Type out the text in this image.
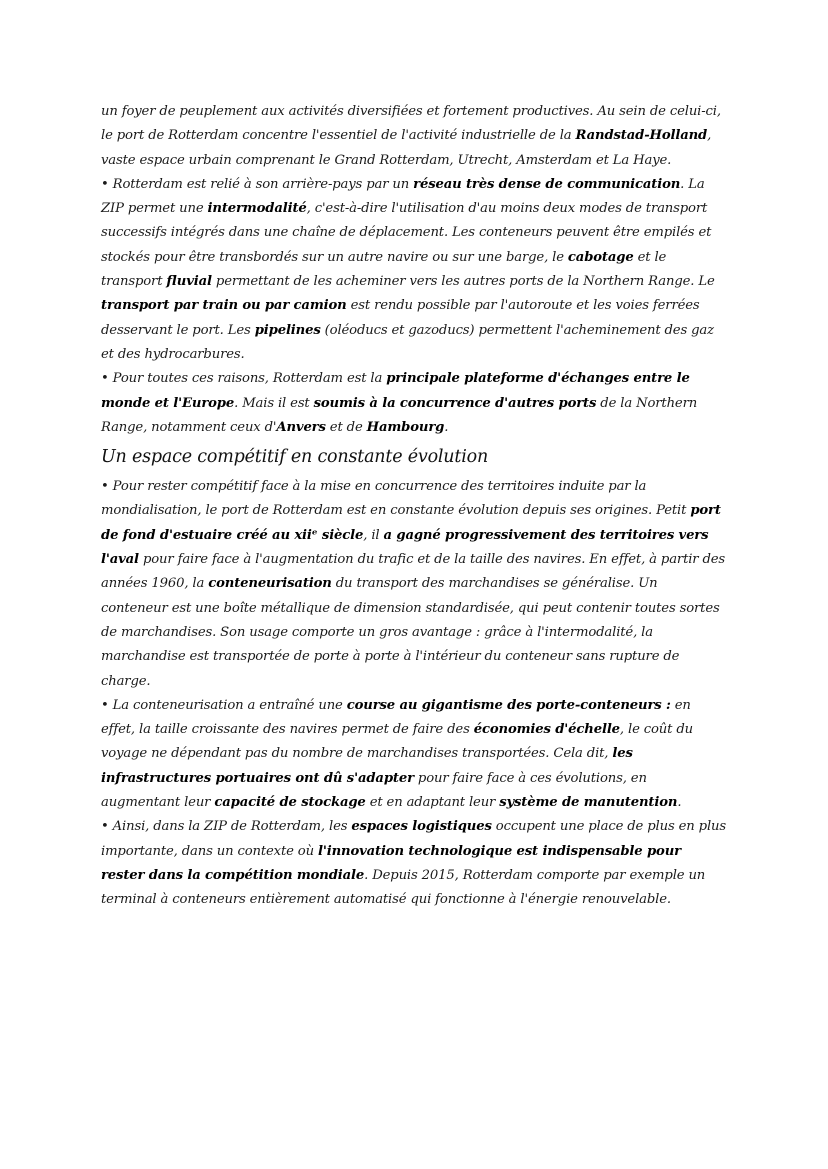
un foyer de peuplement aux activités diversifiées et fortement productives. Au sein de celui-ci, le port de Rotterdam concentre l'essentiel de l'activité industrielle de la Randstad-Holland, vaste espace urbain comprenant le Grand Rotterdam, Utrecht, Amsterdam et La Haye.

• Rotterdam est relié à son arrière-pays par un réseau très dense de communication. La ZIP permet une intermodalité, c'est-à-dire l'utilisation d'au moins deux modes de transport successifs intégrés dans une chaîne de déplacement. Les conteneurs peuvent être empilés et stockés pour être transbordés sur un autre navire ou sur une barge, le cabotage et le transport fluvial permettant de les acheminer vers les autres ports de la Northern Range. Le transport par train ou par camion est rendu possible par l'autoroute et les voies ferrées desservant le port. Les pipelines (oléoducs et gazoducs) permettent l'acheminement des gaz et des hydrocarbures.

• Pour toutes ces raisons, Rotterdam est la principale plateforme d'échanges entre le monde et l'Europe. Mais il est soumis à la concurrence d'autres ports de la Northern Range, notamment ceux d'Anvers et de Hambourg.

Un espace compétitif en constante évolution

• Pour rester compétitif face à la mise en concurrence des territoires induite par la mondialisation, le port de Rotterdam est en constante évolution depuis ses origines. Petit port de fond d'estuaire créé au xiiᵉ siècle, il a gagné progressivement des territoires vers l'aval pour faire face à l'augmentation du trafic et de la taille des navires. En effet, à partir des années 1960, la conteneurisation du transport des marchandises se généralise. Un conteneur est une boîte métallique de dimension standardisée, qui peut contenir toutes sortes de marchandises. Son usage comporte un gros avantage : grâce à l'intermodalité, la marchandise est transportée de porte à porte à l'intérieur du conteneur sans rupture de charge.

• La conteneurisation a entraîné une course au gigantisme des porte-conteneurs : en effet, la taille croissante des navires permet de faire des économies d'échelle, le coût du voyage ne dépendant pas du nombre de marchandises transportées. Cela dit, les infrastructures portuaires ont dû s'adapter pour faire face à ces évolutions, en augmentant leur capacité de stockage et en adaptant leur système de manutention.

• Ainsi, dans la ZIP de Rotterdam, les espaces logistiques occupent une place de plus en plus importante, dans un contexte où l'innovation technologique est indispensable pour rester dans la compétition mondiale. Depuis 2015, Rotterdam comporte par exemple un terminal à conteneurs entièrement automatisé qui fonctionne à l'énergie renouvelable.
